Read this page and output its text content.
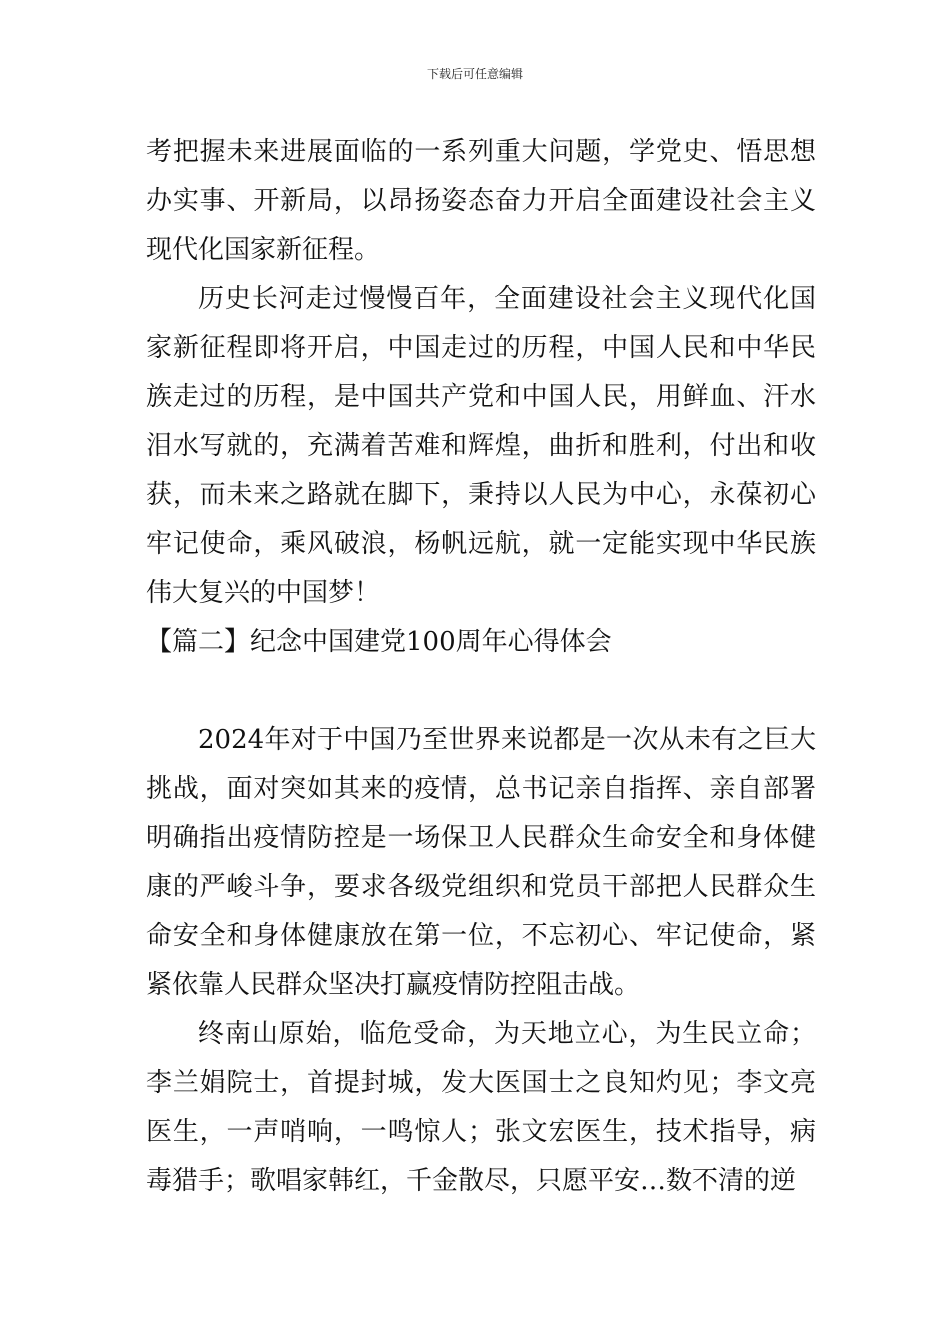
下载后可任意编辑

考把握未来进展面临的一系列重大问题，学党史、悟思想办实事、开新局，以昂扬姿态奋力开启全面建设社会主义现代化国家新征程。

历史长河走过慢慢百年，全面建设社会主义现代化国家新征程即将开启，中国走过的历程，中国人民和中华民族走过的历程，是中国共产党和中国人民，用鲜血、汗水泪水写就的，充满着苦难和辉煌，曲折和胜利，付出和收获，而未来之路就在脚下，秉持以人民为中心，永葆初心牢记使命，乘风破浪，杨帆远航，就一定能实现中华民族伟大复兴的中国梦！

【篇二】纪念中国建党100周年心得体会

2024年对于中国乃至世界来说都是一次从未有之巨大挑战，面对突如其来的疫情，总书记亲自指挥、亲自部署明确指出疫情防控是一场保卫人民群众生命安全和身体健康的严峻斗争，要求各级党组织和党员干部把人民群众生命安全和身体健康放在第一位，不忘初心、牢记使命，紧紧依靠人民群众坚决打赢疫情防控阻击战。

终南山原始，临危受命，为天地立心，为生民立命；李兰娟院士，首提封城，发大医国士之良知灼见；李文亮医生，一声哨响，一鸣惊人；张文宏医生，技术指导，病毒猎手；歌唱家韩红，千金散尽，只愿平安…数不清的逆
